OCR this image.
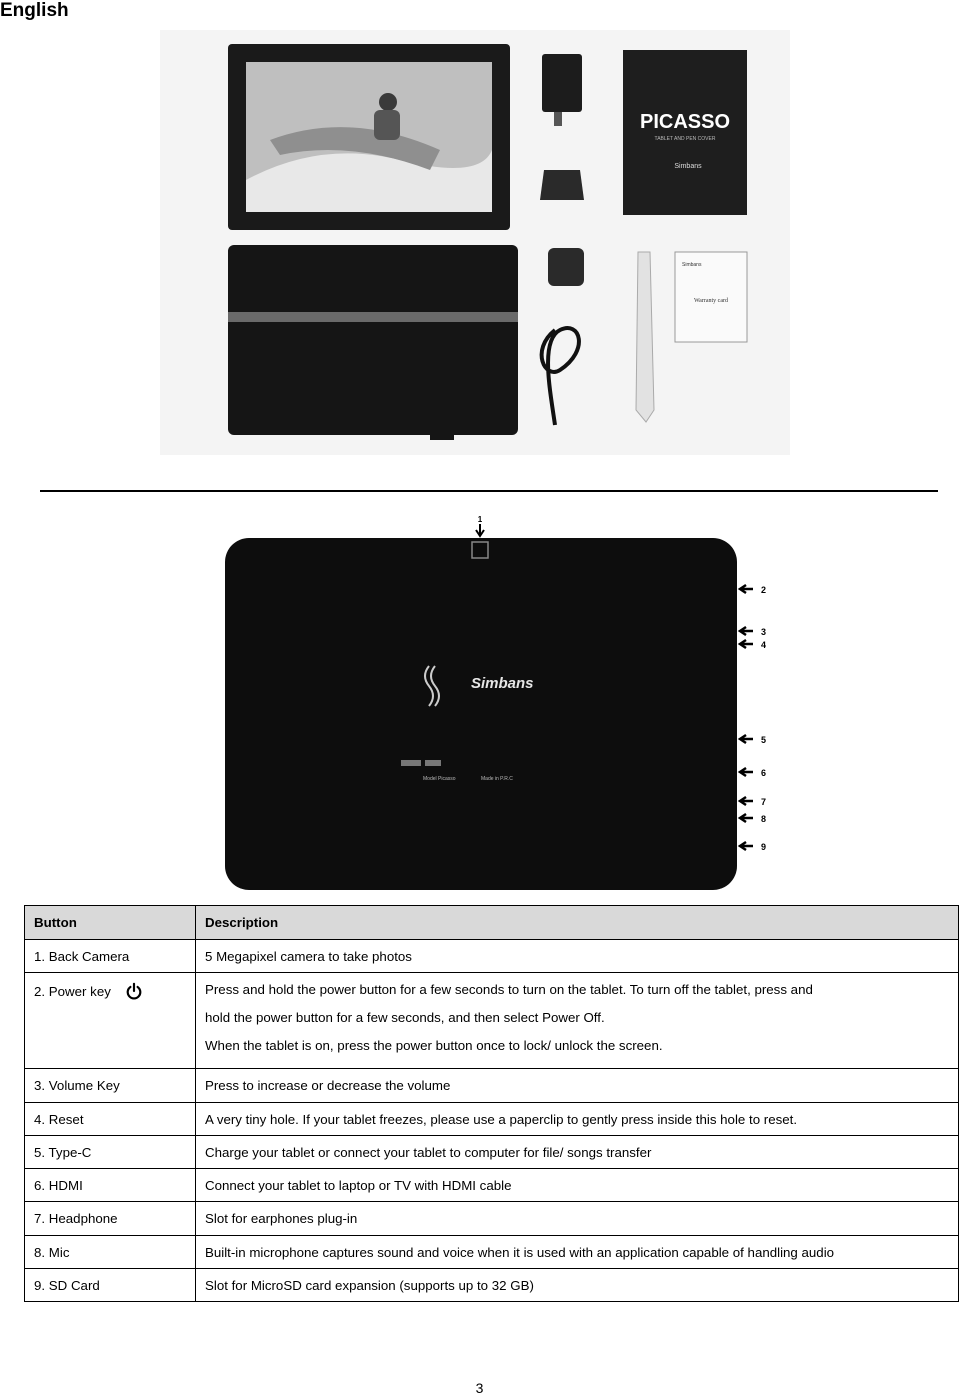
English
PICASSO
TABLET AND PEN COVER
Simbans
Simbans
Warranty card
Simbans
Model Picasso	Made in P.R.C
1
2
3
4
5
6
7
8
9
Button	Description
1. Back Camera	5 Megapixel camera to take photos
2. Power key	Press and hold the power button for a few seconds to turn on the tablet. To turn off the tablet, press and

hold the power button for a few seconds, and then select Power Off.

When the tablet is on, press the power button once to lock/ unlock the screen.

3. Volume Key	Press to increase or decrease the volume
4. Reset	A very tiny hole. If your tablet freezes, please use a paperclip to gently press inside this hole to reset.
5. Type-C	Charge your tablet or connect your tablet to computer for file/ songs transfer
6. HDMI	Connect your tablet to laptop or TV with HDMI cable
7. Headphone	Slot for earphones plug-in
8. Mic	Built-in microphone captures sound and voice when it is used with an application capable of handling audio
9. SD Card	Slot for MicroSD card expansion (supports up to 32 GB)
3
